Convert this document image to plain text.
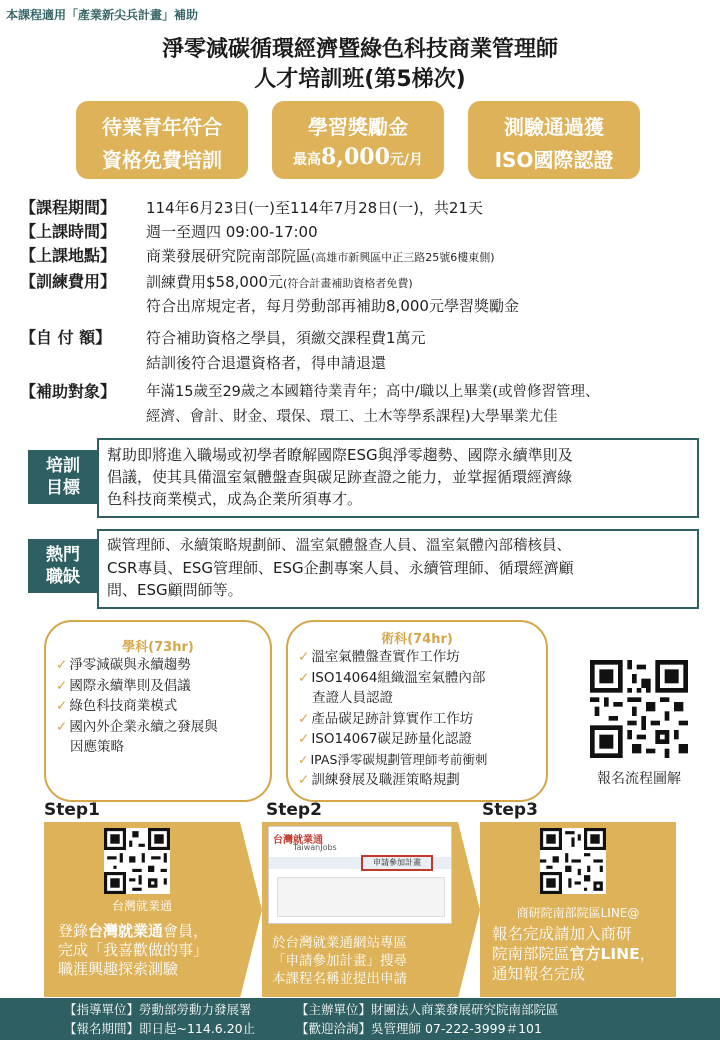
本課程適用「產業新尖兵計畫」補助
淨零減碳循環經濟暨綠色科技商業管理師
人才培訓班(第5梯次)
待業青年符合
資格免費培訓
學習獎勵金
最高8,000元/月
測驗通過獲
ISO國際認證
【課程期間】 114年6月23日(一)至114年7月28日(一)，共21天
【上課時間】 週一至週四 09:00-17:00
【上課地點】 商業發展研究院南部院區(高雄市新興區中正三路25號6樓東側)
【訓練費用】 訓練費用$58,000元(符合計畫補助資格者免費)
符合出席規定者，每月勞動部再補助8,000元學習獎勵金
【自 付 額】 符合補助資格之學員，須繳交課程費1萬元
結訓後符合退還資格者，得申請退還
【補助對象】 年滿15歲至29歲之本國籍待業青年；高中/職以上畢業(或曾修習管理、
經濟、會計、財金、環保、環工、土木等學系課程)大學畢業尤佳
培訓
目標
幫助即將進入職場或初學者瞭解國際ESG與淨零趨勢、國際永續準則及
倡議，使其具備溫室氣體盤查與碳足跡查證之能力，並掌握循環經濟綠
色科技商業模式，成為企業所須專才。
熱門
職缺
碳管理師、永續策略規劃師、溫室氣體盤查人員、溫室氣體內部稽核員、
CSR專員、ESG管理師、ESG企劃專案人員、永續管理師、循環經濟顧
問、ESG顧問師等。
學科(73hr)
✓ 淨零減碳與永續趨勢
✓ 國際永續準則及倡議
✓ 綠色科技商業模式
✓ 國內外企業永續之發展與
因應策略
術科(74hr)
✓ 溫室氣體盤查實作工作坊
✓ ISO14064組織溫室氣體內部
查證人員認證
✓ 產品碳足跡計算實作工作坊
✓ ISO14067碳足跡量化認證
✓ IPAS淨零碳規劃管理師考前衝刺
✓ 訓練發展及職涯策略規劃	報名流程圖解
Step1	Step2	Step3
台灣就業通
登錄台灣就業通會員，
完成「我喜歡做的事」
職涯興趣探索測驗
台灣就業通
TaiwanJobs
申請參加計畫
於台灣就業通網站專區
「申請參加計畫」搜尋
本課程名稱並提出申請
商研院南部院區LINE@
報名完成請加入商研
院南部院區官方LINE，
通知報名完成
【指導單位】勞動部勞動力發展署	【主辦單位】財團法人商業發展研究院南部院區
【報名期間】即日起~114.6.20止	【歡迎洽詢】吳管理師 07-222-3999＃101
